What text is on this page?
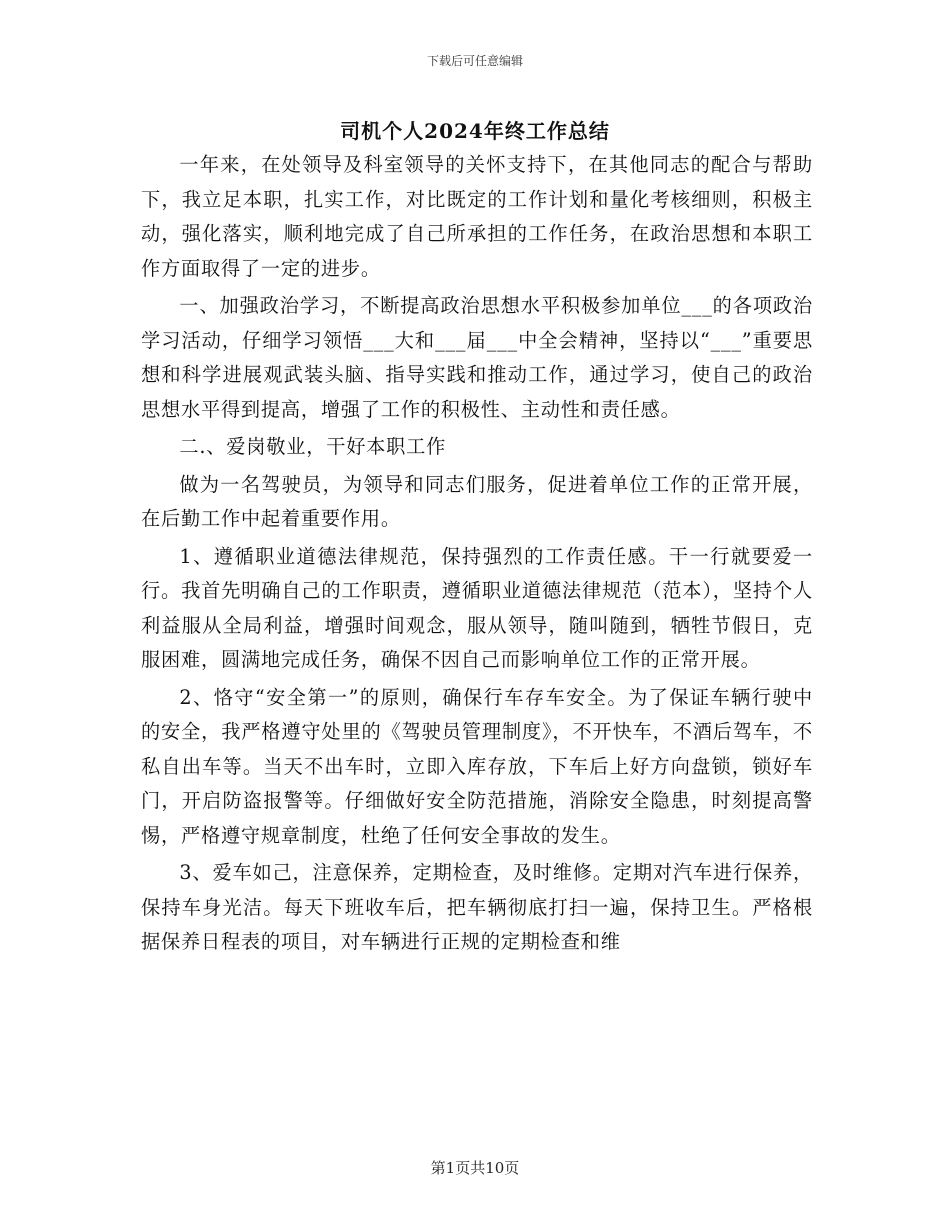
下载后可任意编辑
司机个人2024年终工作总结

一年来，在处领导及科室领导的关怀支持下，在其他同志的配合与帮助下，我立足本职，扎实工作，对比既定的工作计划和量化考核细则，积极主动，强化落实，顺利地完成了自己所承担的工作任务，在政治思想和本职工作方面取得了一定的进步。

一、加强政治学习，不断提高政治思想水平积极参加单位___的各项政治学习活动，仔细学习领悟___大和___届___中全会精神，坚持以“___”重要思想和科学进展观武装头脑、指导实践和推动工作，通过学习，使自己的政治思想水平得到提高，增强了工作的积极性、主动性和责任感。

二.、爱岗敬业，干好本职工作

做为一名驾驶员，为领导和同志们服务，促进着单位工作的正常开展，在后勤工作中起着重要作用。

1、遵循职业道德法律规范，保持强烈的工作责任感。干一行就要爱一行。我首先明确自己的工作职责，遵循职业道德法律规范（范本），坚持个人利益服从全局利益，增强时间观念，服从领导，随叫随到，牺牲节假日，克服困难，圆满地完成任务，确保不因自己而影响单位工作的正常开展。

2、恪守“安全第一”的原则，确保行车存车安全。为了保证车辆行驶中的安全，我严格遵守处里的《驾驶员管理制度》，不开快车，不酒后驾车，不私自出车等。当天不出车时，立即入库存放，下车后上好方向盘锁，锁好车门，开启防盗报警等。仔细做好安全防范措施，消除安全隐患，时刻提高警惕，严格遵守规章制度，杜绝了任何安全事故的发生。

3、爱车如己，注意保养，定期检查，及时维修。定期对汽车进行保养，保持车身光洁。每天下班收车后，把车辆彻底打扫一遍，保持卫生。严格根据保养日程表的项目，对车辆进行正规的定期检查和维

第1页共10页
